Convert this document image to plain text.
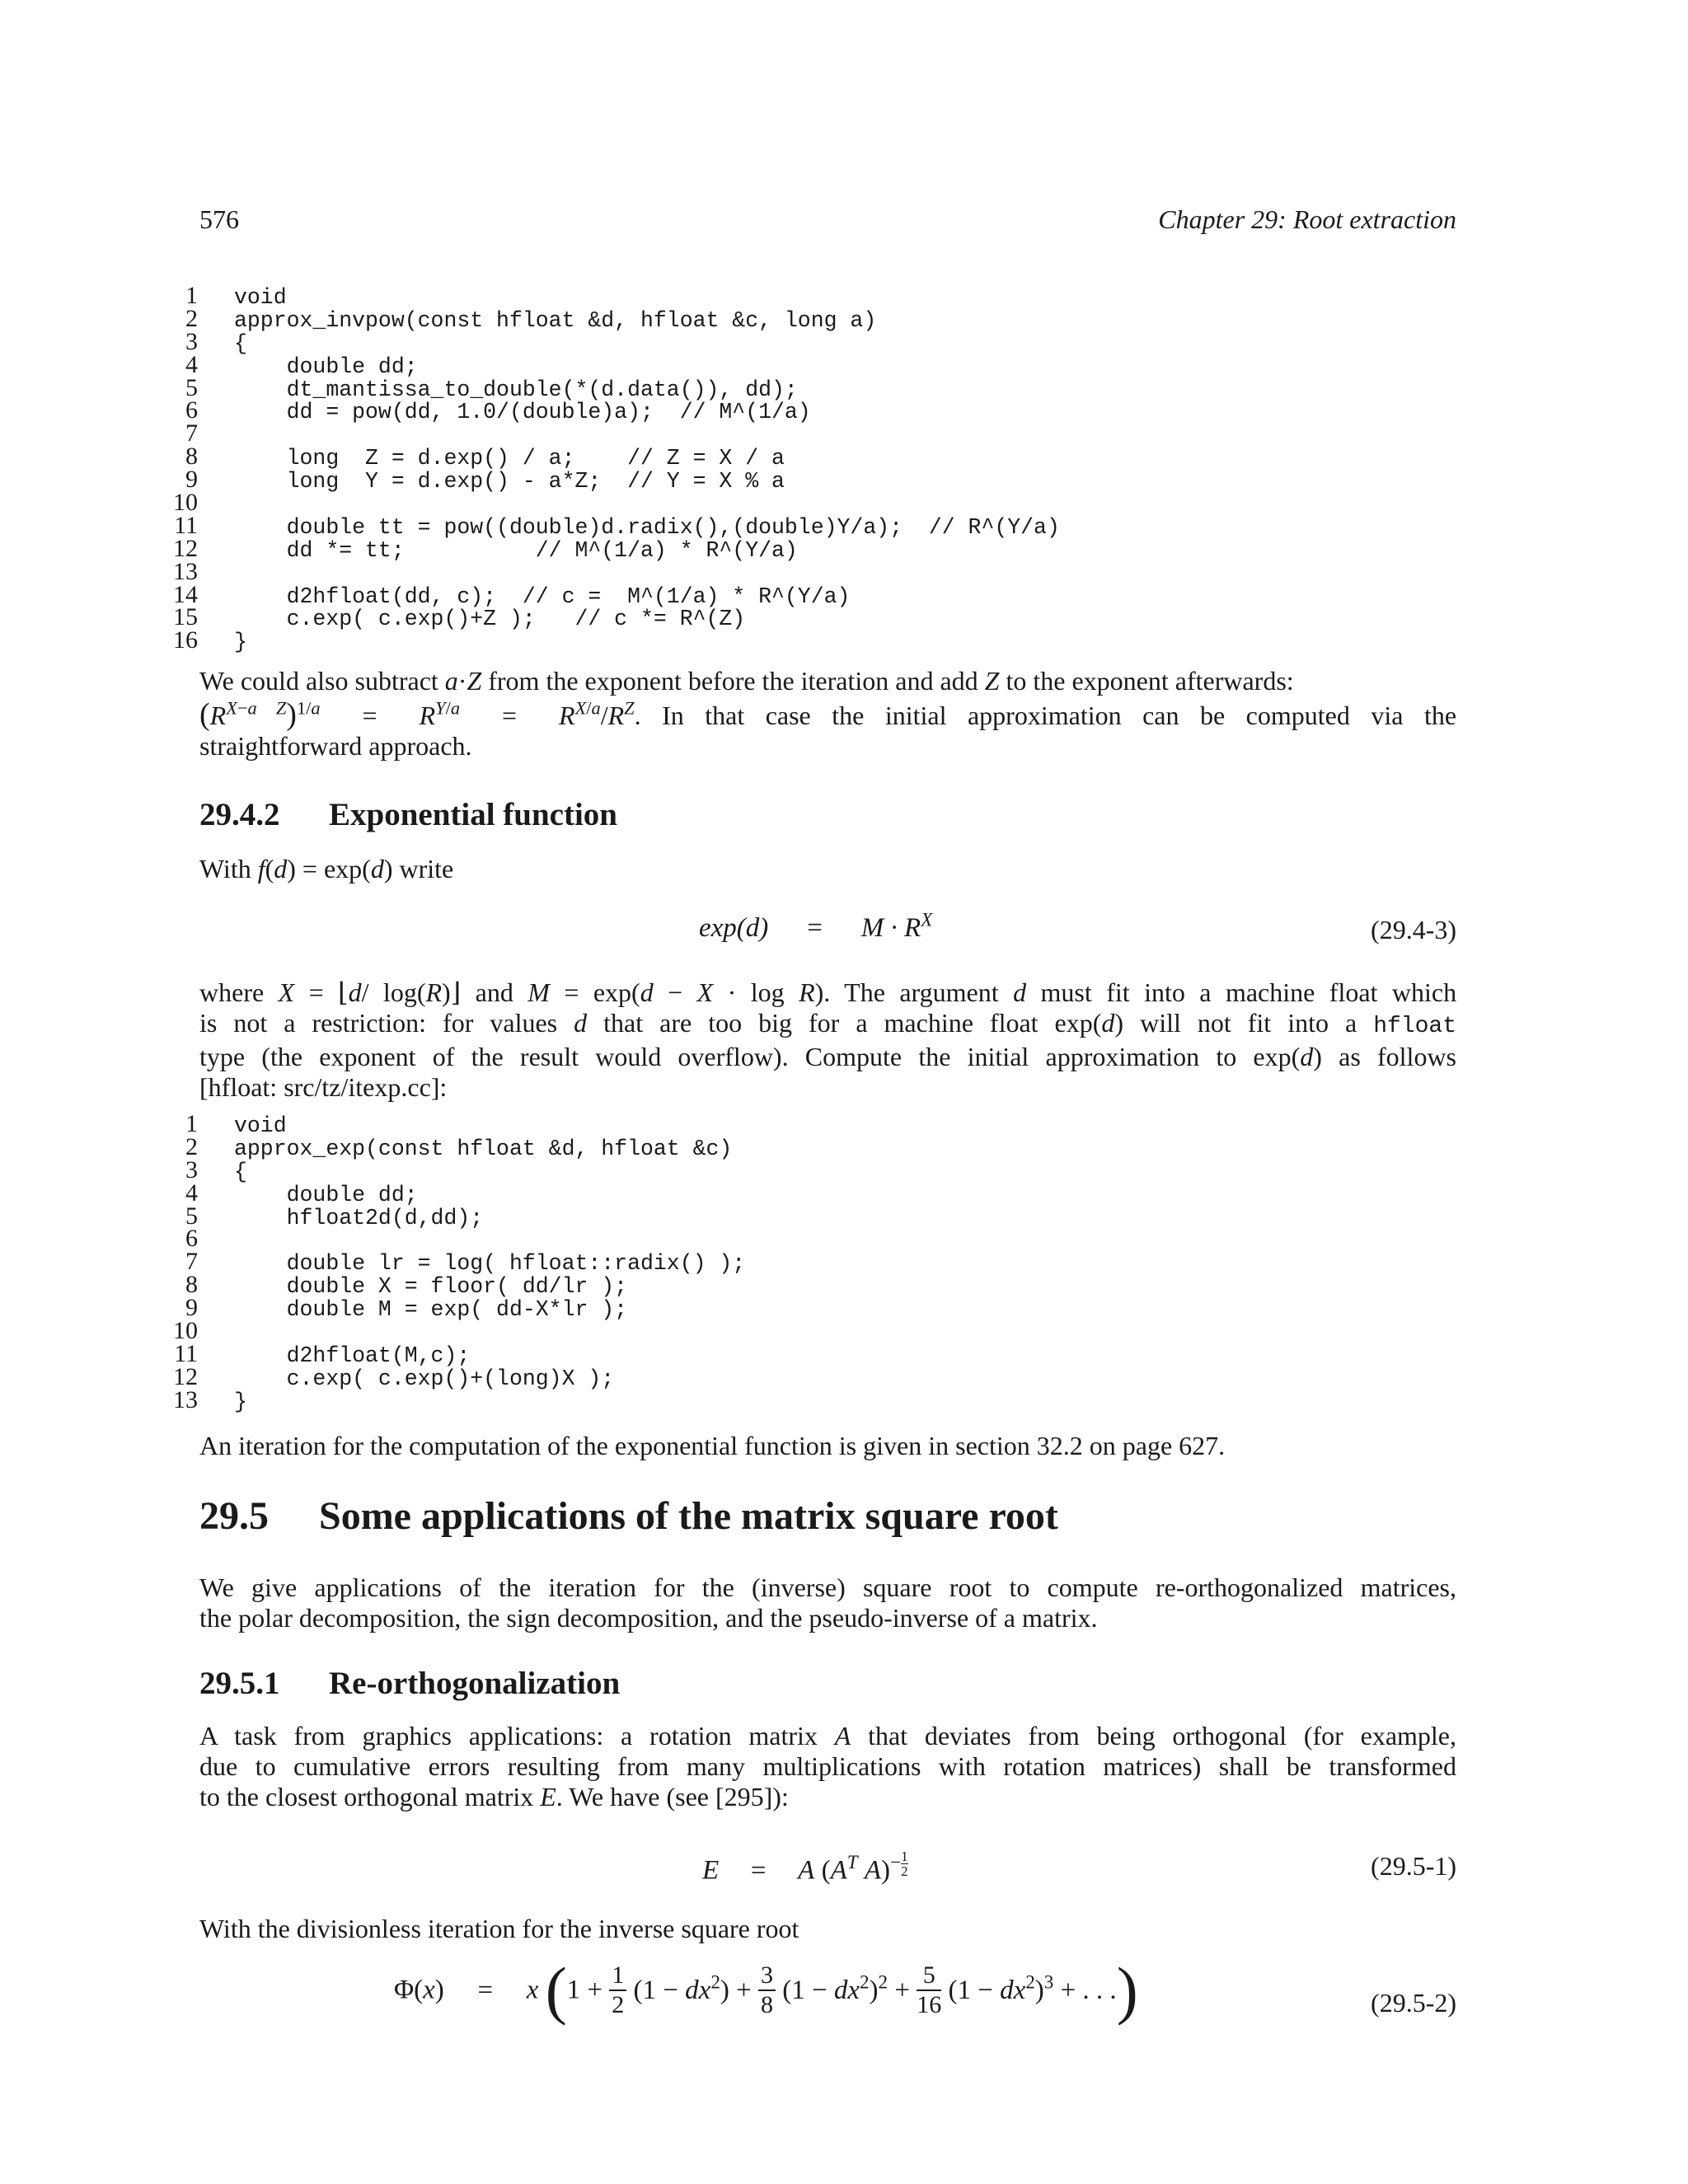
576	Chapter 29: Root extraction
1 void
2 approx_invpow(const hfloat &d, hfloat &c, long a)
3 {
4    double dd;
5    dt_mantissa_to_double(*(d.data()), dd);
6    dd = pow(dd, 1.0/(double)a);  // M^(1/a)
7
8    long  Z = d.exp() / a;    // Z = X / a
9    long  Y = d.exp() - a*Z;  // Y = X % a
10
11    double tt = pow((double)d.radix(),(double)Y/a);  // R^(Y/a)
12    dd *= tt;          // M^(1/a) * R^(Y/a)
13
14    d2hfloat(dd, c);  // c =  M^(1/a) * R^(Y/a)
15    c.exp( c.exp()+Z );   // c *= R^(Z)
16 }
We could also subtract a·Z from the exponent before the iteration and add Z to the exponent afterwards:
$(R^{X-a Z})^{1/a} = R^{Y/a} = R^{X/a}/R^Z$. In that case the initial approximation can be computed via the
straightforward approach.
29.4.2 Exponential function
With f(d) = exp(d) write
$\exp(d) = M \cdot R^X$	(29.4-3)
where X = ⌊d/ log(R)⌋ and M = exp(d − X · log R). The argument d must fit into a machine float which
is not a restriction: for values d that are too big for a machine float exp(d) will not fit into a hfloat
type (the exponent of the result would overflow). Compute the initial approximation to exp(d) as follows
[hfloat: src/tz/itexp.cc]:
1 void
2 approx_exp(const hfloat &d, hfloat &c)
3 {
4    double dd;
5    hfloat2d(d,dd);
6
7    double lr = log( hfloat::radix() );
8    double X = floor( dd/lr );
9    double M = exp( dd-X*lr );
10
11    d2hfloat(M,c);
12    c.exp( c.exp()+(long)X );
13 }
An iteration for the computation of the exponential function is given in section 32.2 on page 627.
29.5 Some applications of the matrix square root
We give applications of the iteration for the (inverse) square root to compute re-orthogonalized matrices,
the polar decomposition, the sign decomposition, and the pseudo-inverse of a matrix.
29.5.1 Re-orthogonalization
A task from graphics applications: a rotation matrix A that deviates from being orthogonal (for example,
due to cumulative errors resulting from many multiplications with rotation matrices) shall be transformed
to the closest orthogonal matrix E. We have (see [295]):
E = A ($A^T$ A)$^{- \frac{1}{2}}$	(29.5-1)
With the divisionless iteration for the inverse square root
Φ(x) = x ($1 + \frac{1}{2} (1 - dx^2) + \frac{3}{8} (1 - dx^2)^2 + \frac{5}{16} (1 - dx^2)^3$ + . . .)	(29.5-2)
